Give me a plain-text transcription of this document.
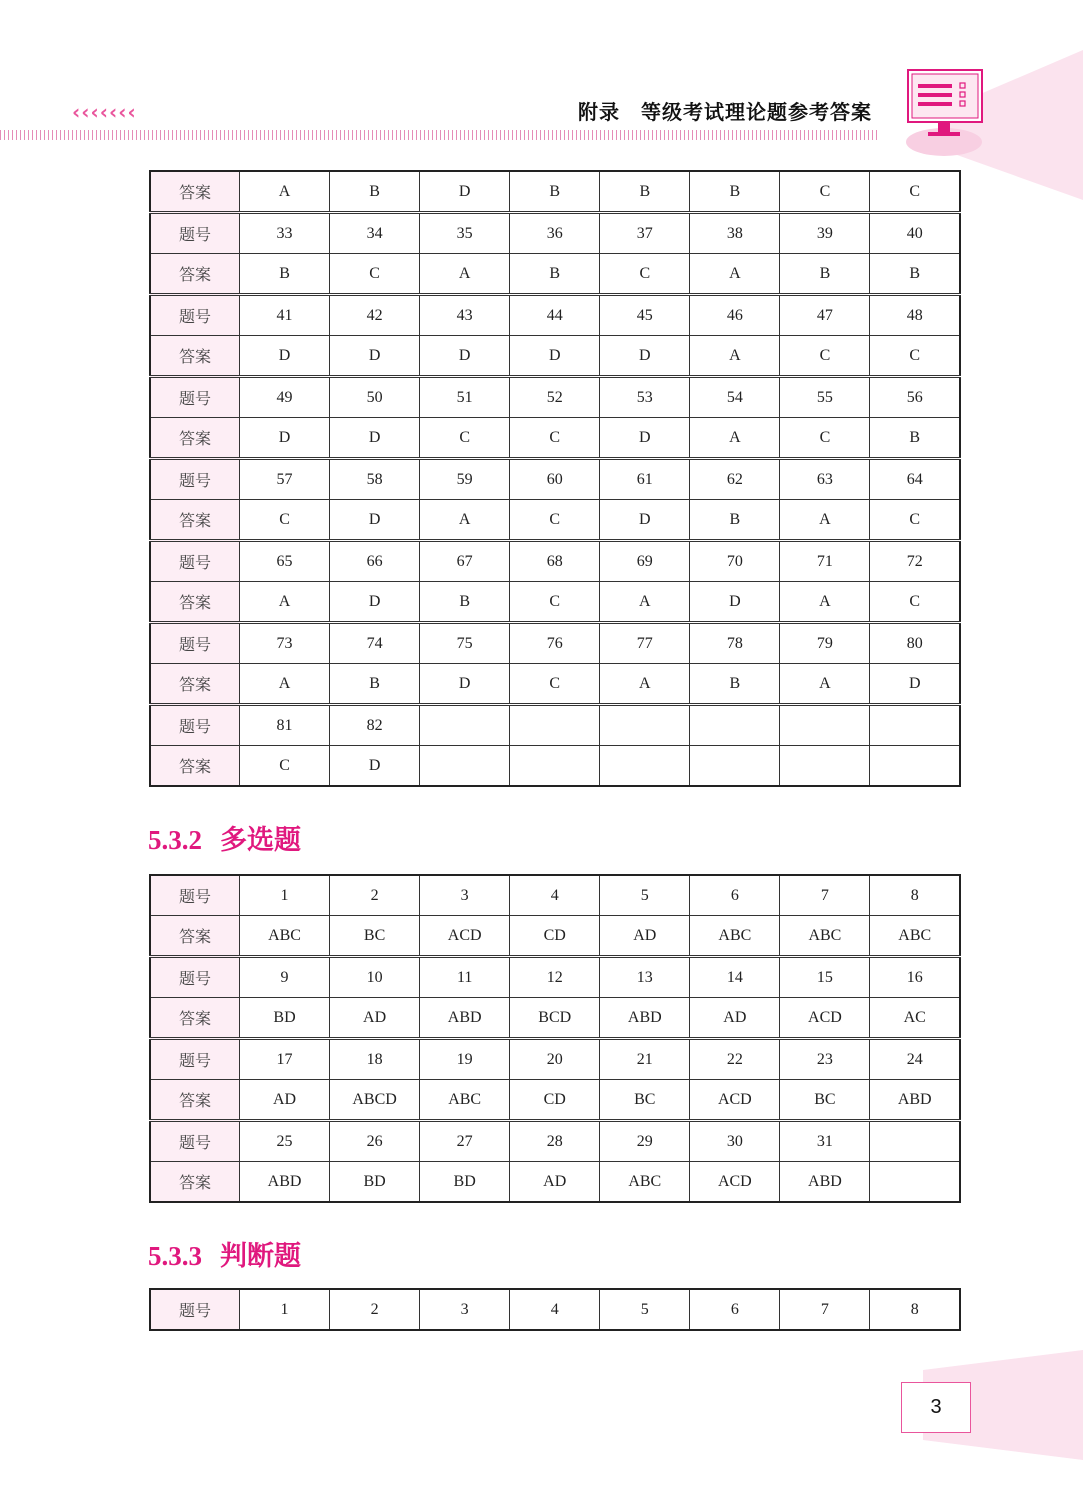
‹‹‹‹‹‹‹	附录　等级考试理论题参考答案
答案	A	B	D	B	B	B	C	C
题号	33	34	35	36	37	38	39	40
答案	B	C	A	B	C	A	B	B
题号	41	42	43	44	45	46	47	48
答案	D	D	D	D	D	A	C	C
题号	49	50	51	52	53	54	55	56
答案	D	D	C	C	D	A	C	B
题号	57	58	59	60	61	62	63	64
答案	C	D	A	C	D	B	A	C
题号	65	66	67	68	69	70	71	72
答案	A	D	B	C	A	D	A	C
题号	73	74	75	76	77	78	79	80
答案	A	B	D	C	A	B	A	D
题号	81	82						
答案	C	D						
5.3.2 多选题
题号	1	2	3	4	5	6	7	8
答案	ABC	BC	ACD	CD	AD	ABC	ABC	ABC
题号	9	10	11	12	13	14	15	16
答案	BD	AD	ABD	BCD	ABD	AD	ACD	AC
题号	17	18	19	20	21	22	23	24
答案	AD	ABCD	ABC	CD	BC	ACD	BC	ABD
题号	25	26	27	28	29	30	31	
答案	ABD	BD	BD	AD	ABC	ACD	ABD	
5.3.3 判断题
题号	1	2	3	4	5	6	7	8
3
